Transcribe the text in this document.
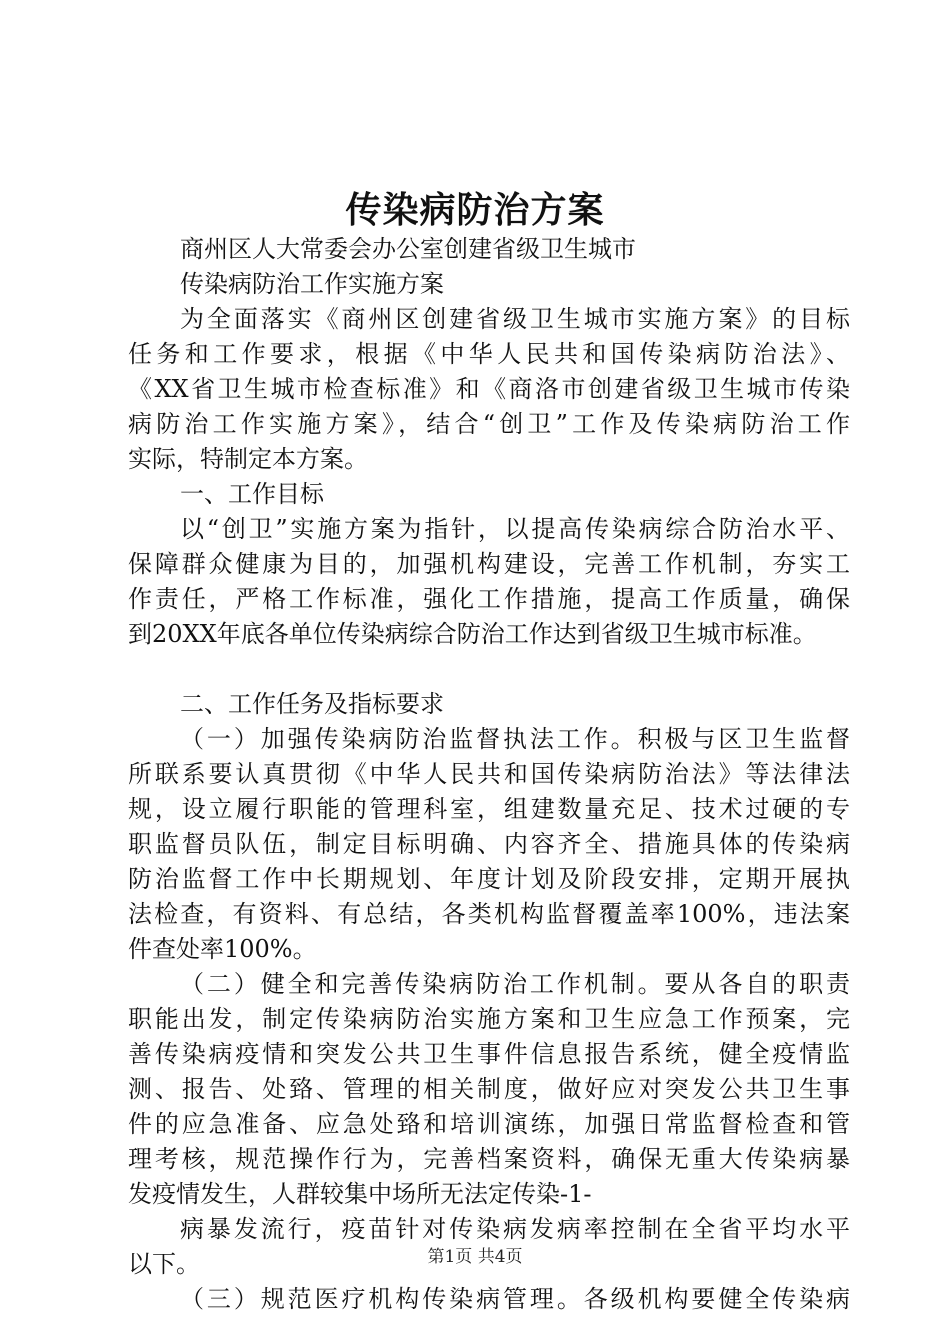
传染病防治方案
商州区人大常委会办公室创建省级卫生城市
传染病防治工作实施方案
为全面落实《商州区创建省级卫生城市实施方案》的目标
任务和工作要求，根据《中华人民共和国传染病防治法》、
《XX省卫生城市检查标准》和《商洛市创建省级卫生城市传染
病防治工作实施方案》，结合“创卫”工作及传染病防治工作
实际，特制定本方案。
一、工作目标
以“创卫”实施方案为指针，以提高传染病综合防治水平、
保障群众健康为目的，加强机构建设，完善工作机制，夯实工
作责任，严格工作标准，强化工作措施，提高工作质量，确保
到20XX年底各单位传染病综合防治工作达到省级卫生城市标准。
二、工作任务及指标要求
（一）加强传染病防治监督执法工作。积极与区卫生监督
所联系要认真贯彻《中华人民共和国传染病防治法》等法律法
规，设立履行职能的管理科室，组建数量充足、技术过硬的专
职监督员队伍，制定目标明确、内容齐全、措施具体的传染病
防治监督工作中长期规划、年度计划及阶段安排，定期开展执
法检查，有资料、有总结，各类机构监督覆盖率100%，违法案
件查处率100%。
（二）健全和完善传染病防治工作机制。要从各自的职责
职能出发，制定传染病防治实施方案和卫生应急工作预案，完
善传染病疫情和突发公共卫生事件信息报告系统，健全疫情监
测、报告、处臵、管理的相关制度，做好应对突发公共卫生事
件的应急准备、应急处臵和培训演练，加强日常监督检查和管
理考核，规范操作行为，完善档案资料，确保无重大传染病暴
发疫情发生，人群较集中场所无法定传染-1-
病暴发流行，疫苗针对传染病发病率控制在全省平均水平
以下。
（三）规范医疗机构传染病管理。各级机构要健全传染病
第1页 共4页
